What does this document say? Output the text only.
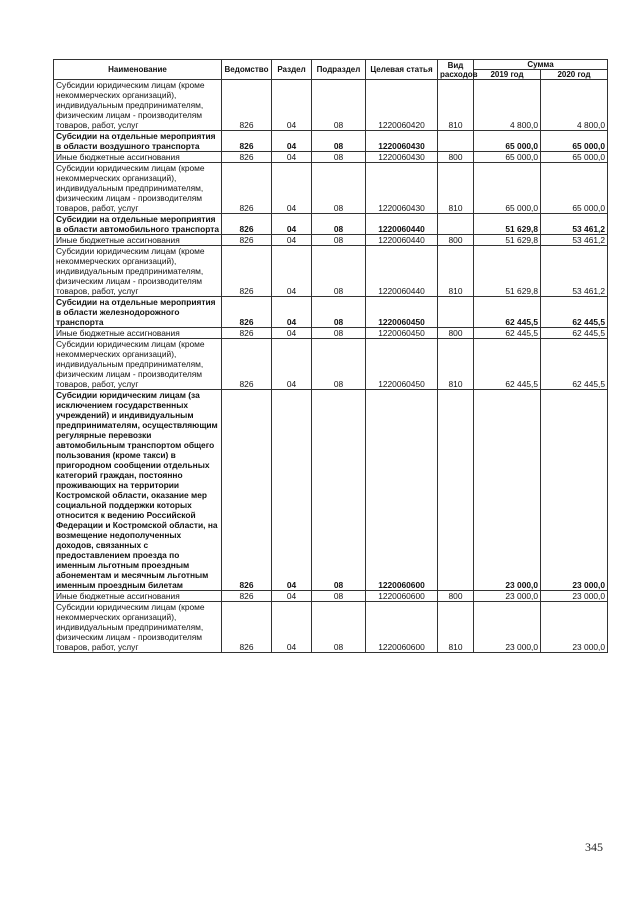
Наименование	Ведомство	Раздел	Подраздел	Целевая статья	Вид расходов	Сумма	
						2019 год	2020 год
Субсидии юридическим лицам (кроме некоммерческих организаций), индивидуальным предпринимателям, физическим лицам - производителям товаров, работ, услуг	826	04	08	1220060420	810	4 800,0	4 800,0
Субсидии на отдельные мероприятия в области воздушного транспорта	826	04	08	1220060430		65 000,0	65 000,0
Иные бюджетные ассигнования	826	04	08	1220060430	800	65 000,0	65 000,0
Субсидии юридическим лицам (кроме некоммерческих организаций), индивидуальным предпринимателям, физическим лицам - производителям товаров, работ, услуг	826	04	08	1220060430	810	65 000,0	65 000,0
Субсидии на отдельные мероприятия в области автомобильного транспорта	826	04	08	1220060440		51 629,8	53 461,2
Иные бюджетные ассигнования	826	04	08	1220060440	800	51 629,8	53 461,2
Субсидии юридическим лицам (кроме некоммерческих организаций), индивидуальным предпринимателям, физическим лицам - производителям товаров, работ, услуг	826	04	08	1220060440	810	51 629,8	53 461,2
Субсидии на отдельные мероприятия в области железнодорожного транспорта	826	04	08	1220060450		62 445,5	62 445,5
Иные бюджетные ассигнования	826	04	08	1220060450	800	62 445,5	62 445,5
Субсидии юридическим лицам (кроме некоммерческих организаций), индивидуальным предпринимателям, физическим лицам - производителям товаров, работ, услуг	826	04	08	1220060450	810	62 445,5	62 445,5
Субсидии юридическим лицам (за исключением государственных учреждений) и индивидуальным предпринимателям, осуществляющим регулярные перевозки автомобильным транспортом общего пользования (кроме такси) в пригородном сообщении отдельных категорий граждан, постоянно проживающих на территории Костромской области, оказание мер социальной поддержки которых относится к ведению Российской Федерации и Костромской области, на возмещение недополученных доходов, связанных с предоставлением проезда по именным льготным проездным абонементам и месячным льготным именным проездным билетам	826	04	08	1220060600		23 000,0	23 000,0
Иные бюджетные ассигнования	826	04	08	1220060600	800	23 000,0	23 000,0
Субсидии юридическим лицам (кроме некоммерческих организаций), индивидуальным предпринимателям, физическим лицам - производителям товаров, работ, услуг	826	04	08	1220060600	810	23 000,0	23 000,0
345
